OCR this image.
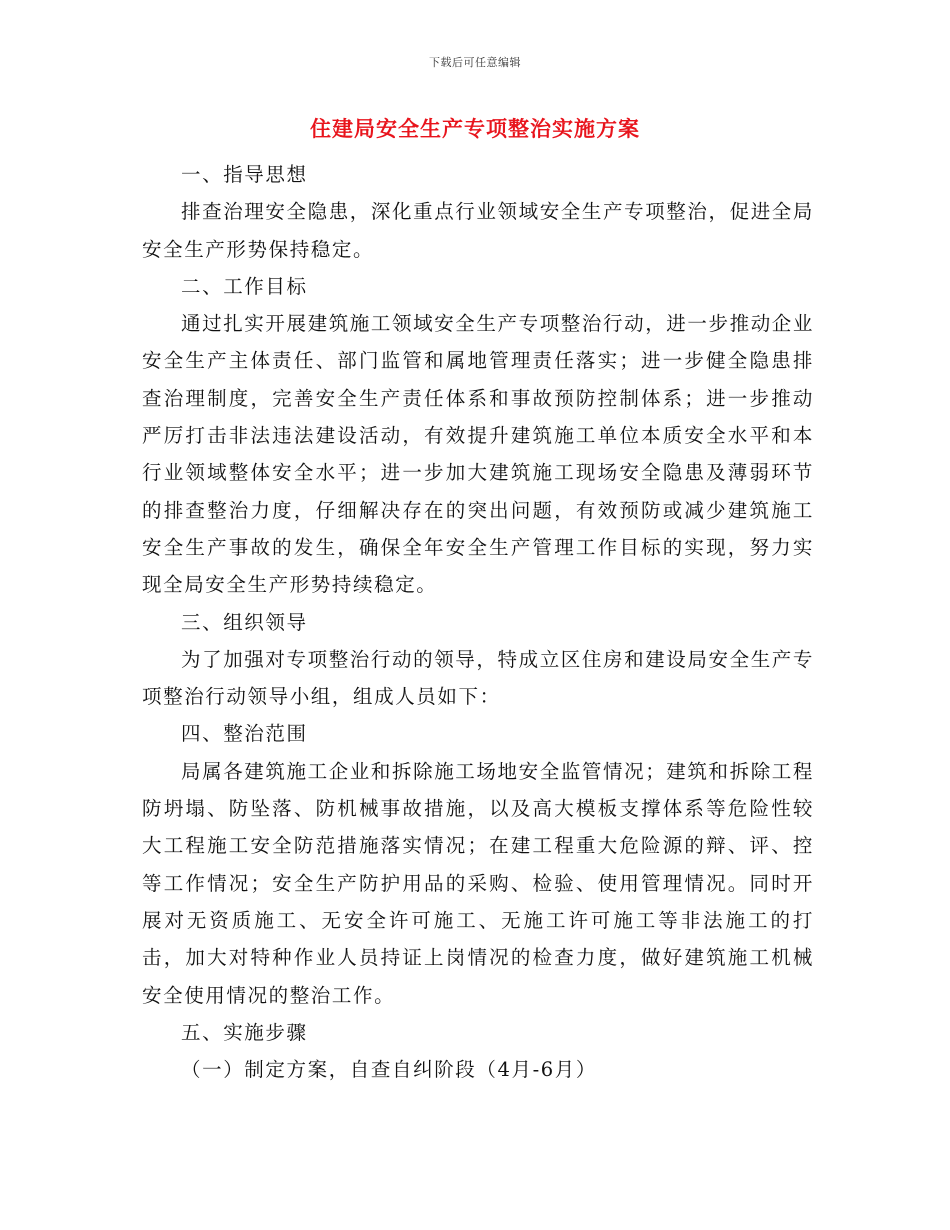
下载后可任意编辑
住建局安全生产专项整治实施方案

一、指导思想

排查治理安全隐患，深化重点行业领域安全生产专项整治，促进全局安全生产形势保持稳定。

二、工作目标

通过扎实开展建筑施工领域安全生产专项整治行动，进一步推动企业安全生产主体责任、部门监管和属地管理责任落实；进一步健全隐患排查治理制度，完善安全生产责任体系和事故预防控制体系；进一步推动严厉打击非法违法建设活动，有效提升建筑施工单位本质安全水平和本行业领域整体安全水平；进一步加大建筑施工现场安全隐患及薄弱环节的排查整治力度，仔细解决存在的突出问题，有效预防或减少建筑施工安全生产事故的发生，确保全年安全生产管理工作目标的实现，努力实现全局安全生产形势持续稳定。

三、组织领导

为了加强对专项整治行动的领导，特成立区住房和建设局安全生产专项整治行动领导小组，组成人员如下：

四、整治范围

局属各建筑施工企业和拆除施工场地安全监管情况；建筑和拆除工程防坍塌、防坠落、防机械事故措施，以及高大模板支撑体系等危险性较大工程施工安全防范措施落实情况；在建工程重大危险源的辩、评、控等工作情况；安全生产防护用品的采购、检验、使用管理情况。同时开展对无资质施工、无安全许可施工、无施工许可施工等非法施工的打击，加大对特种作业人员持证上岗情况的检查力度，做好建筑施工机械安全使用情况的整治工作。

五、实施步骤

（一）制定方案，自查自纠阶段（4月-6月）
